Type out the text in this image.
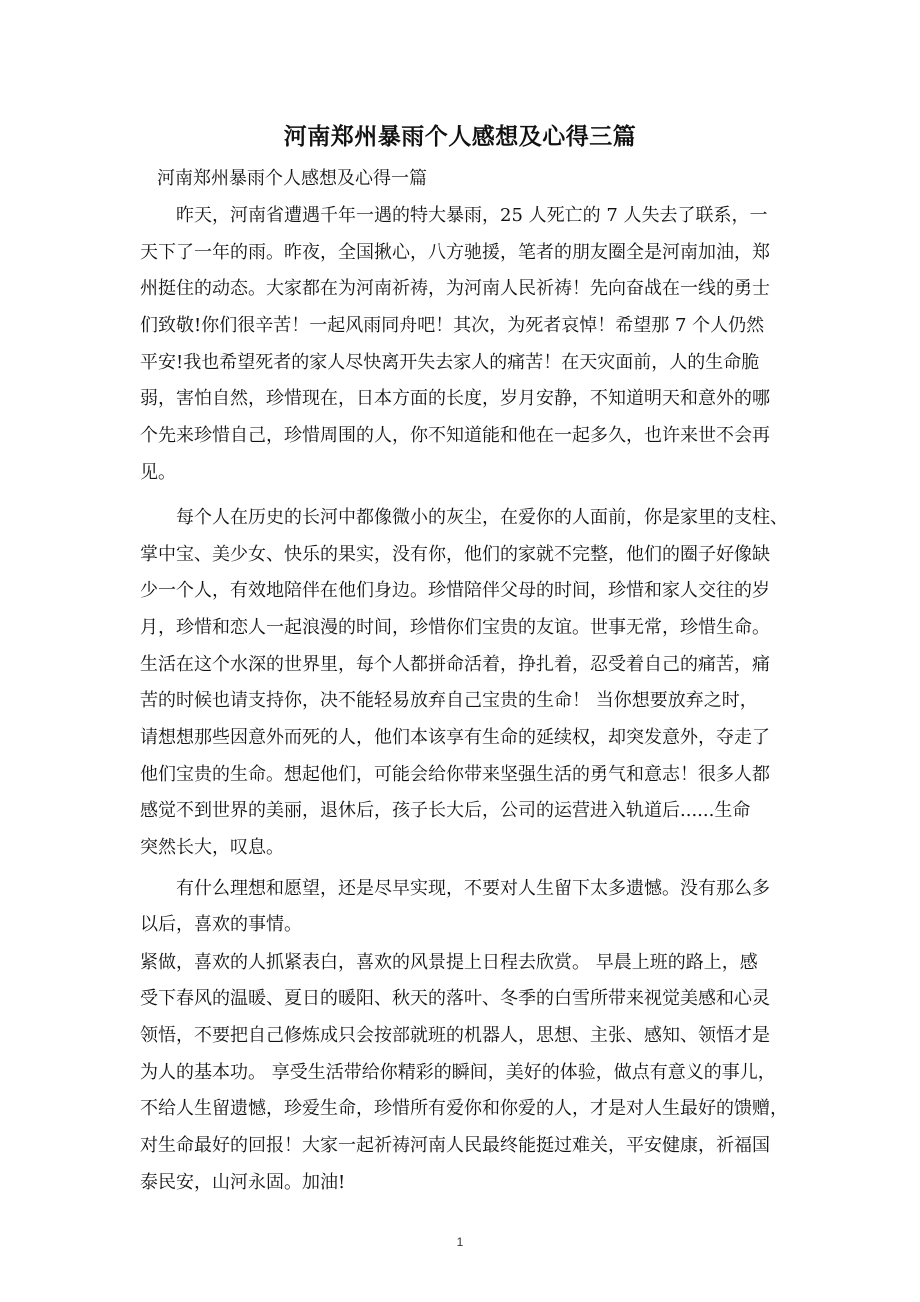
河南郑州暴雨个人感想及心得三篇
河南郑州暴雨个人感想及心得一篇
昨天，河南省遭遇千年一遇的特大暴雨，25 人死亡的 7 人失去了联系，一
天下了一年的雨。昨夜，全国揪心，八方驰援，笔者的朋友圈全是河南加油，郑
州挺住的动态。大家都在为河南祈祷，为河南人民祈祷！先向奋战在一线的勇士
们致敬!你们很辛苦！一起风雨同舟吧！其次，为死者哀悼！希望那 7 个人仍然
平安!我也希望死者的家人尽快离开失去家人的痛苦！在天灾面前，人的生命脆
弱，害怕自然，珍惜现在，日本方面的长度，岁月安静，不知道明天和意外的哪
个先来珍惜自己，珍惜周围的人，你不知道能和他在一起多久，也许来世不会再
见。
每个人在历史的长河中都像微小的灰尘，在爱你的人面前，你是家里的支柱、
掌中宝、美少女、快乐的果实，没有你，他们的家就不完整，他们的圈子好像缺
少一个人，有效地陪伴在他们身边。珍惜陪伴父母的时间，珍惜和家人交往的岁
月，珍惜和恋人一起浪漫的时间，珍惜你们宝贵的友谊。世事无常，珍惜生命。
生活在这个水深的世界里，每个人都拼命活着，挣扎着，忍受着自己的痛苦，痛
苦的时候也请支持你，决不能轻易放弃自己宝贵的生命！ 当你想要放弃之时，
请想想那些因意外而死的人，他们本该享有生命的延续权，却突发意外，夺走了
他们宝贵的生命。想起他们，可能会给你带来坚强生活的勇气和意志！很多人都
感觉不到世界的美丽，退休后，孩子长大后，公司的运营进入轨道后......生命
突然长大，叹息。
有什么理想和愿望，还是尽早实现，不要对人生留下太多遗憾。没有那么多
以后，喜欢的事情。
紧做，喜欢的人抓紧表白，喜欢的风景提上日程去欣赏。 早晨上班的路上，感
受下春风的温暖、夏日的暖阳、秋天的落叶、冬季的白雪所带来视觉美感和心灵
领悟，不要把自己修炼成只会按部就班的机器人，思想、主张、感知、领悟才是
为人的基本功。 享受生活带给你精彩的瞬间，美好的体验，做点有意义的事儿，
不给人生留遗憾，珍爱生命，珍惜所有爱你和你爱的人，才是对人生最好的馈赠，
对生命最好的回报！大家一起祈祷河南人民最终能挺过难关，平安健康，祈福国
泰民安，山河永固。加油!
1
